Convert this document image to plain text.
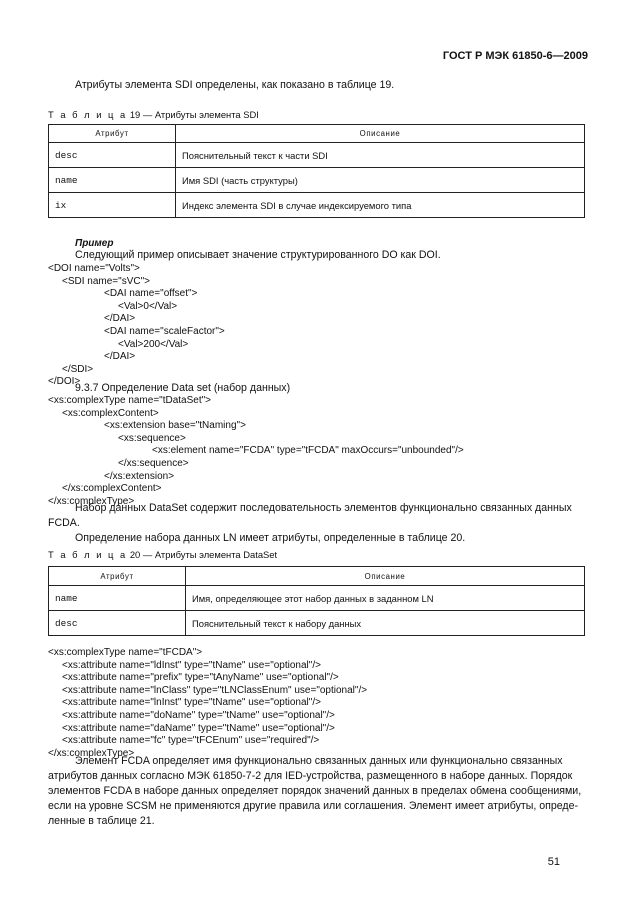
ГОСТ Р МЭК 61850-6—2009
Атрибуты элемента SDI определены, как показано в таблице 19.
Т а б л и ц а 19 — Атрибуты элемента SDI
Атрибут	Описание
desc	Пояснительный текст к части SDI
name	Имя SDI (часть структуры)
ix	Индекс элемента SDI в случае индексируемого типа
Пример
Следующий пример описывает значение структурированного DO как DOI.
<DOI name="Volts">
<SDI name="sVC">
<DAI name="offset">
<Val>0</Val>
</DAI>
<DAI name="scaleFactor">
<Val>200</Val>
</DAI>
</SDI>
</DOI>
9.3.7 Определение Data set (набор данных)
<xs:complexType name="tDataSet">
<xs:complexContent>
<xs:extension base="tNaming">
<xs:sequence>
<xs:element name="FCDA" type="tFCDA" maxOccurs="unbounded"/>
</xs:sequence>
</xs:extension>
</xs:complexContent>
</xs:complexType>
Набор данных DataSet содержит последовательность элементов функционально связанных данных
FCDA.
Определение набора данных LN имеет атрибуты, определенные в таблице 20.
Т а б л и ц а 20 — Атрибуты элемента DataSet
Атрибут	Описание
name	Имя, определяющее этот набор данных в заданном LN
desc	Пояснительный текст к набору данных
<xs:complexType name="tFCDA">
<xs:attribute name="ldInst" type="tName" use="optional"/>
<xs:attribute name="prefix" type="tAnyName" use="optional"/>
<xs:attribute name="lnClass" type="tLNClassEnum" use="optional"/>
<xs:attribute name="lnInst" type="tName" use="optional"/>
<xs:attribute name="doName" type="tName" use="optional"/>
<xs:attribute name="daName" type="tName" use="optional"/>
<xs:attribute name="fc" type="tFCEnum" use="required"/>
</xs:complexType>
Элемент FCDA определяет имя функционально связанных данных или функционально связанных
атрибутов данных согласно МЭК 61850-7-2 для IED-устройства, размещенного в наборе данных. Порядок
элементов FCDA в наборе данных определяет порядок значений данных в пределах обмена сообщениями,
если на уровне SCSM не применяются другие правила или соглашения. Элемент имеет атрибуты, опреде-
ленные в таблице 21.
51
